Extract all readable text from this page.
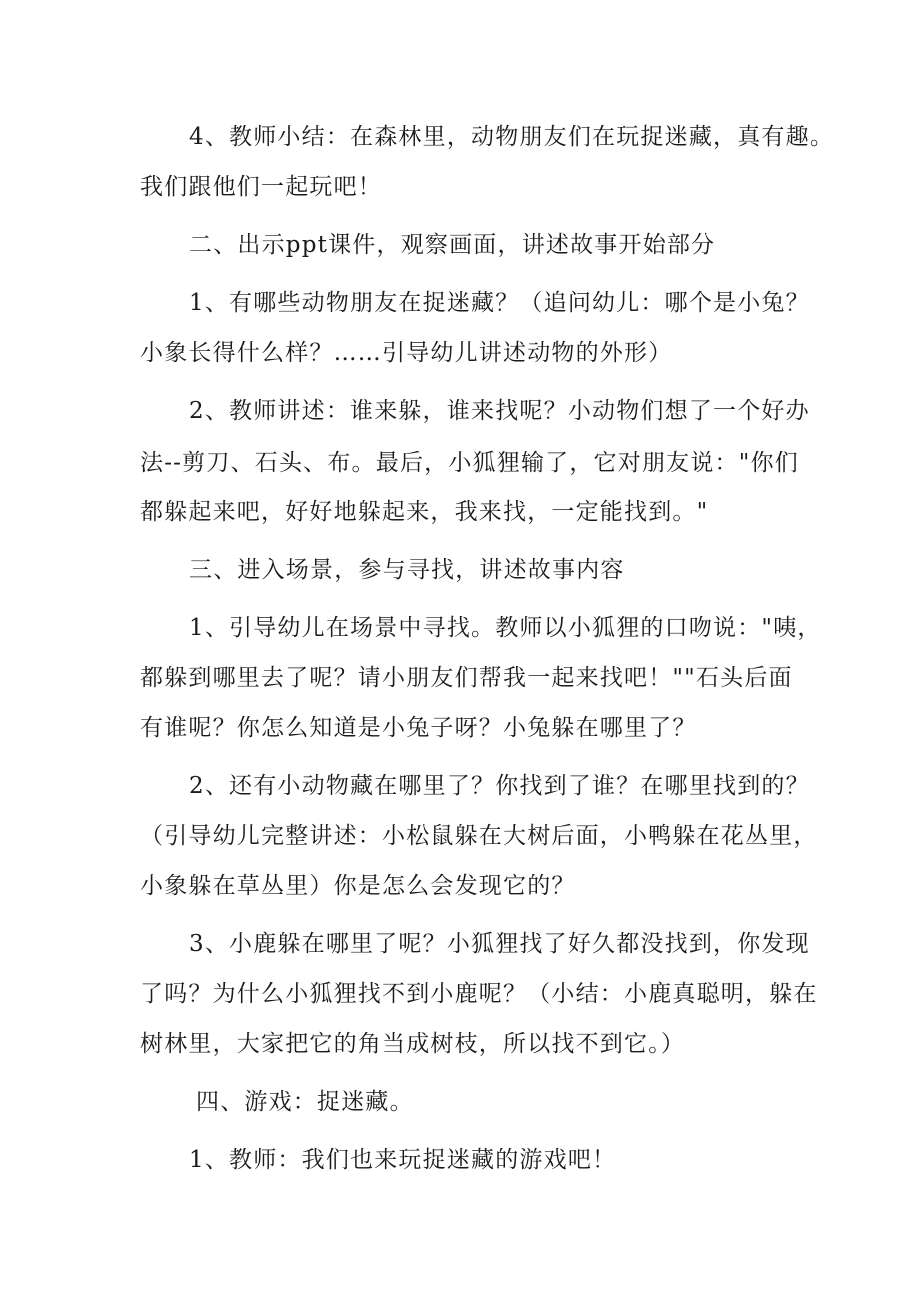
4、教师小结：在森林里，动物朋友们在玩捉迷藏，真有趣。
我们跟他们一起玩吧！
二、出示ppt课件，观察画面，讲述故事开始部分
1、有哪些动物朋友在捉迷藏？（追问幼儿：哪个是小兔？
小象长得什么样？……引导幼儿讲述动物的外形）
2、教师讲述：谁来躲，谁来找呢？小动物们想了一个好办
法--剪刀、石头、布。最后，小狐狸输了，它对朋友说："你们
都躲起来吧，好好地躲起来，我来找，一定能找到。"
三、进入场景，参与寻找，讲述故事内容
1、引导幼儿在场景中寻找。教师以小狐狸的口吻说："咦，
都躲到哪里去了呢？请小朋友们帮我一起来找吧！""石头后面
有谁呢？你怎么知道是小兔子呀？小兔躲在哪里了？
2、还有小动物藏在哪里了？你找到了谁？在哪里找到的？
（引导幼儿完整讲述：小松鼠躲在大树后面，小鸭躲在花丛里，
小象躲在草丛里）你是怎么会发现它的？
3、小鹿躲在哪里了呢？小狐狸找了好久都没找到，你发现
了吗？为什么小狐狸找不到小鹿呢？（小结：小鹿真聪明，躲在
树林里，大家把它的角当成树枝，所以找不到它。）
四、游戏：捉迷藏。
1、教师：我们也来玩捉迷藏的游戏吧！
